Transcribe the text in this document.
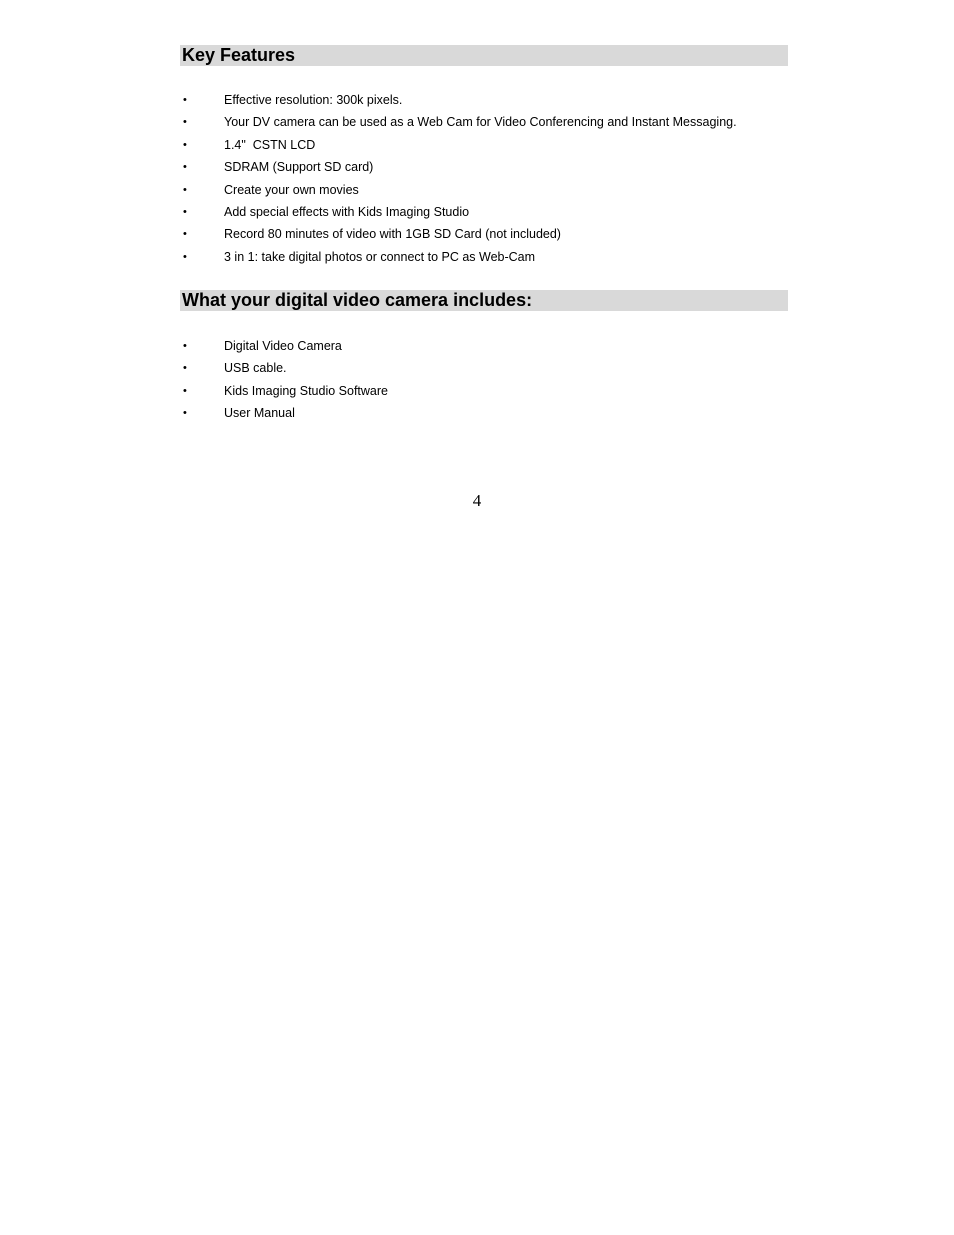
Key Features
•	Effective resolution: 300k pixels.
•	Your DV camera can be used as a Web Cam for Video Conferencing and Instant Messaging.
•	1.4"  CSTN LCD
•	SDRAM (Support SD card)
•	Create your own movies
•	Add special effects with Kids Imaging Studio
•	Record 80 minutes of video with 1GB SD Card (not included)
•	3 in 1: take digital photos or connect to PC as Web-Cam
What your digital video camera includes:
•	Digital Video Camera
•	USB cable.
•	Kids Imaging Studio Software
•	User Manual
4
